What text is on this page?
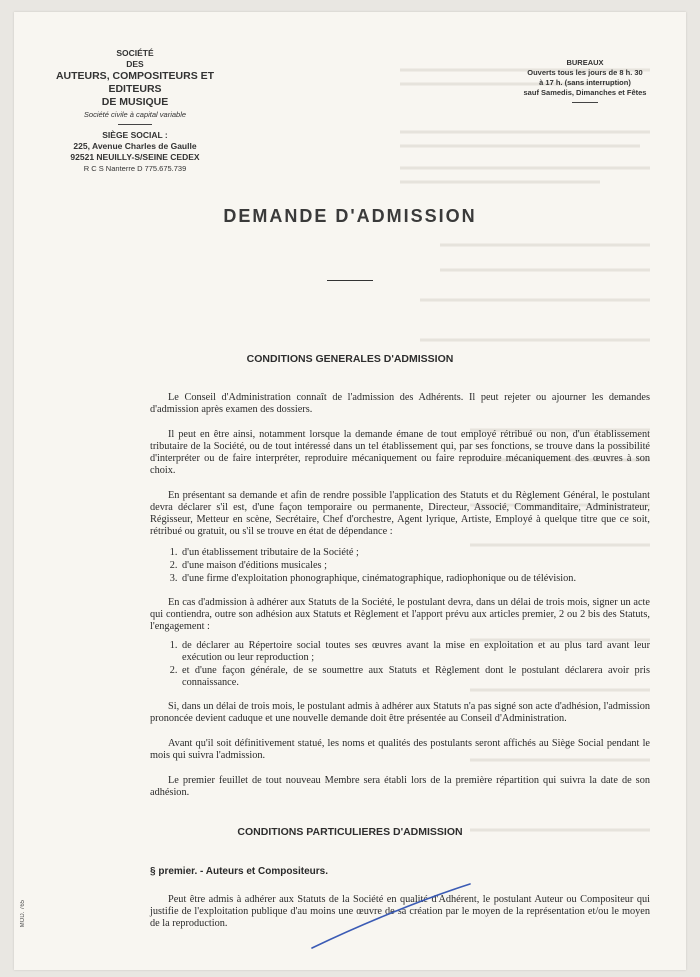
SOCIÉTÉ
DES
AUTEURS, COMPOSITEURS ET EDITEURS
DE MUSIQUE
Société civile à capital variable
SIÈGE SOCIAL :
225, Avenue Charles de Gaulle
92521 NEUILLY-S/SEINE CEDEX
R C S Nanterre D 775.675.739
BUREAUX
Ouverts tous les jours de 8 h. 30
à 17 h. (sans interruption)
sauf Samedis, Dimanches et Fêtes
DEMANDE D'ADMISSION
CONDITIONS GENERALES D'ADMISSION

Le Conseil d'Administration connaît de l'admission des Adhérents. Il peut rejeter ou ajourner les demandes d'admission après examen des dossiers.

Il peut en être ainsi, notamment lorsque la demande émane de tout employé rétribué ou non, d'un établissement tributaire de la Société, ou de tout intéressé dans un tel établissement qui, par ses fonctions, se trouve dans la possibilité d'interpréter ou de faire interpréter, reproduire mécaniquement ou faire reproduire mécaniquement des œuvres à son choix.

En présentant sa demande et afin de rendre possible l'application des Statuts et du Règlement Général, le postulant devra déclarer s'il est, d'une façon temporaire ou permanente, Directeur, Associé, Commanditaire, Administrateur, Régisseur, Metteur en scène, Secrétaire, Chef d'orchestre, Agent lyrique, Artiste, Employé à quelque titre que ce soit, rétribué ou gratuit, ou s'il se trouve en état de dépendance :

1. d'un établissement tributaire de la Société ;
2. d'une maison d'éditions musicales ;
3. d'une firme d'exploitation phonographique, cinématographique, radiophonique ou de télévision.

En cas d'admission à adhérer aux Statuts de la Société, le postulant devra, dans un délai de trois mois, signer un acte qui contiendra, outre son adhésion aux Statuts et Règlement et l'apport prévu aux articles premier, 2 ou 2 bis des Statuts, l'engagement :

1. de déclarer au Répertoire social toutes ses œuvres avant la mise en exploitation et au plus tard avant leur exécution ou leur reproduction ;
2. et d'une façon générale, de se soumettre aux Statuts et Règlement dont le postulant déclarera avoir pris connaissance.

Si, dans un délai de trois mois, le postulant admis à adhérer aux Statuts n'a pas signé son acte d'adhésion, l'admission prononcée devient caduque et une nouvelle demande doit être présentée au Conseil d'Administration.

Avant qu'il soit définitivement statué, les noms et qualités des postulants seront affichés au Siège Social pendant le mois qui suivra l'admission.

Le premier feuillet de tout nouveau Membre sera établi lors de la première répartition qui suivra la date de son adhésion.

CONDITIONS PARTICULIERES D'ADMISSION
§ premier. - Auteurs et Compositeurs.

Peut être admis à adhérer aux Statuts de la Société en qualité d'Adhérent, le postulant Auteur ou Compositeur qui justifie de l'exploitation publique d'au moins une œuvre de sa création par le moyen de la représentation et/ou le moyen de la reproduction.

MOD. 765
